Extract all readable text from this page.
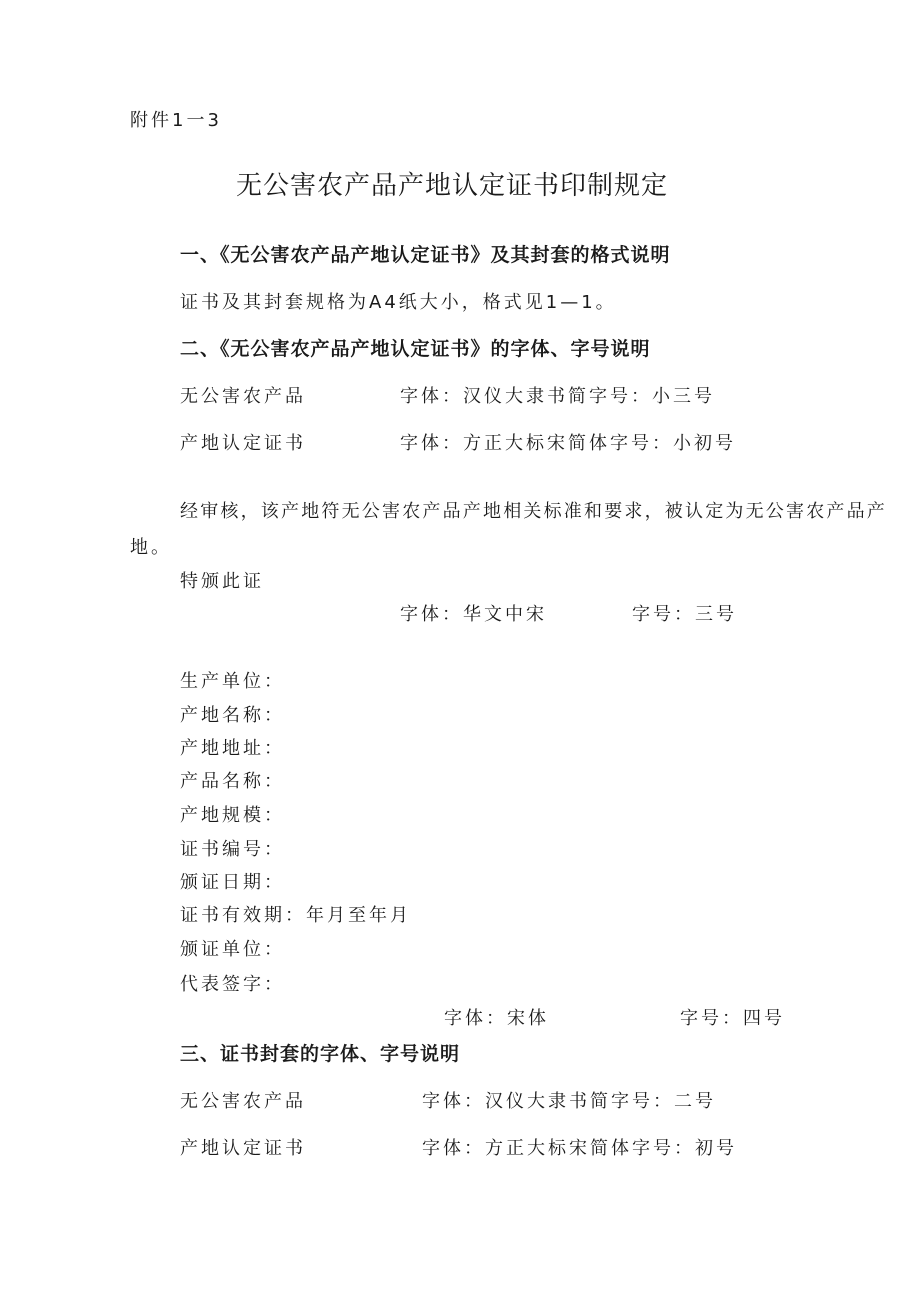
附件1一3
无公害农产品产地认定证书印制规定
一、《无公害农产品产地认定证书》及其封套的格式说明
证书及其封套规格为A4纸大小，格式见1—1。
二、《无公害农产品产地认定证书》的字体、字号说明
无公害农产品	字体：汉仪大隶书简字号：小三号
产地认定证书	字体：方正大标宋简体字号：小初号
经审核，该产地符无公害农产品产地相关标准和要求，被认定为无公害农产品产
地。
特颁此证
字体：华文中宋	字号：三号
生产单位：
产地名称：
产地地址：
产品名称：
产地规模：
证书编号：
颁证日期：
证书有效期：年月至年月
颁证单位：
代表签字：
字体：宋体	字号：四号
三、证书封套的字体、字号说明
无公害农产品	字体：汉仪大隶书简字号：二号
产地认定证书	字体：方正大标宋简体字号：初号
